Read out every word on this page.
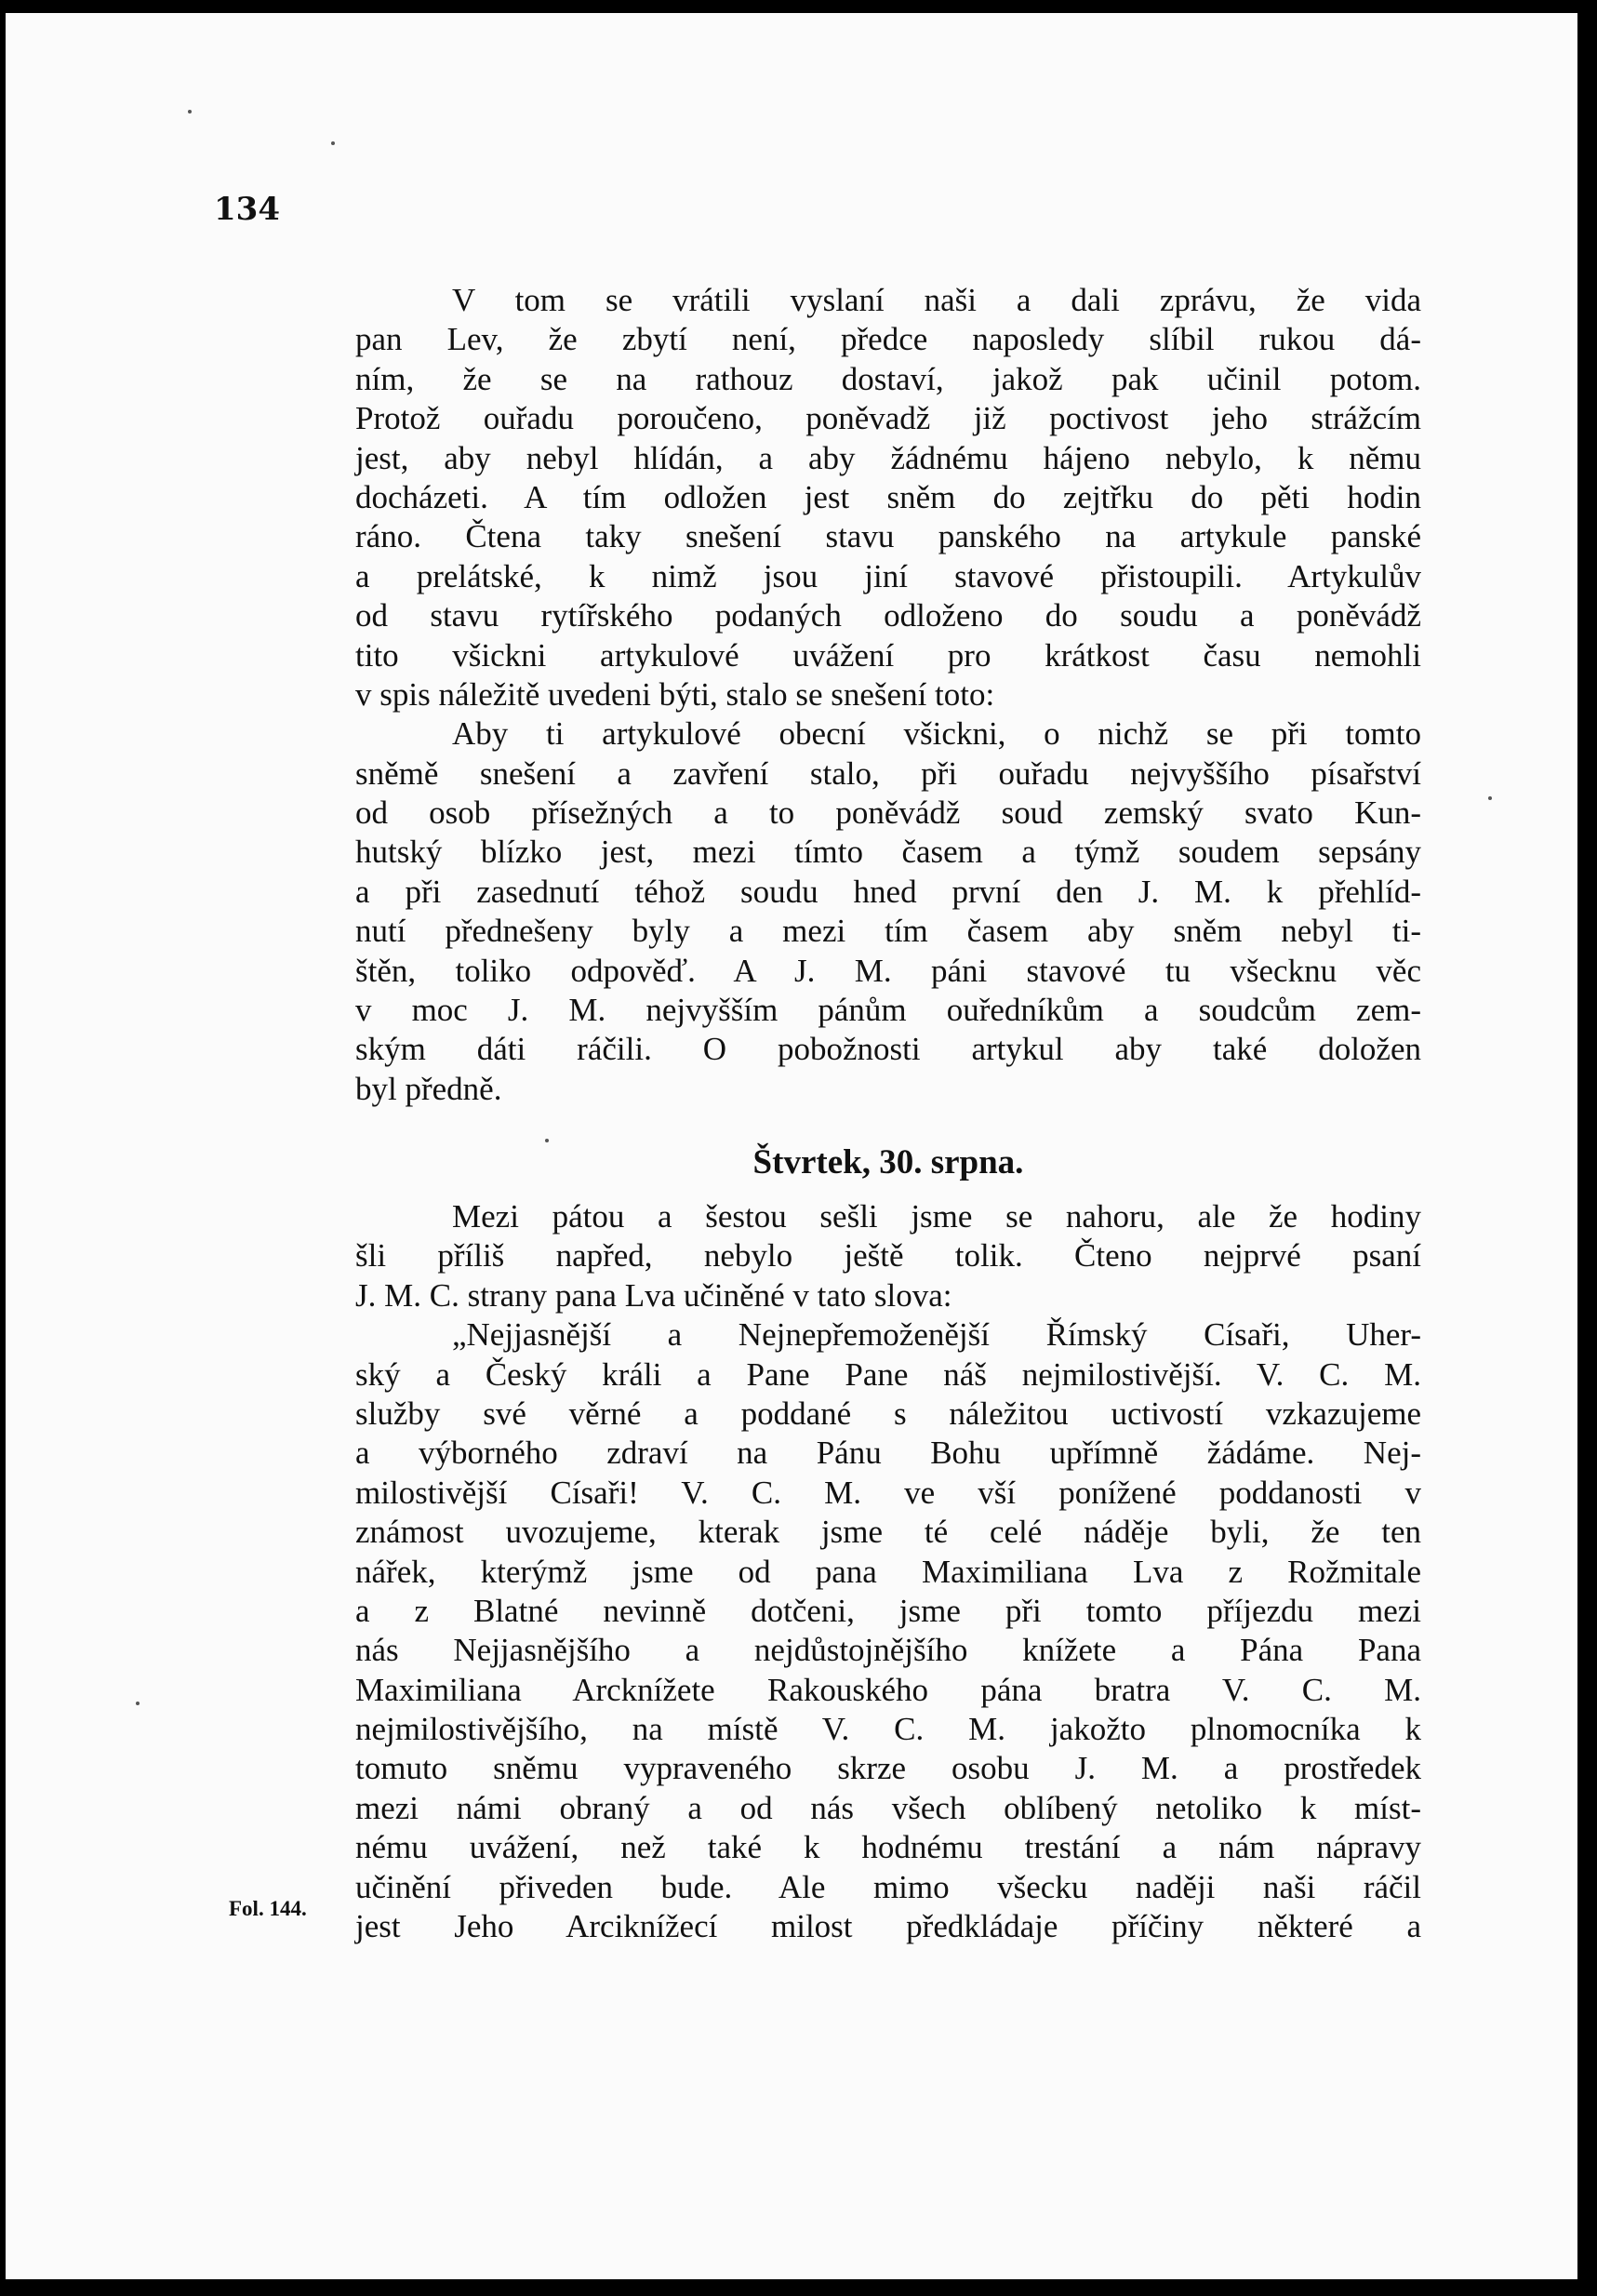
134

V tom se vrátili vyslaní naši a dali zprávu, že vida
pan Lev, že zbytí není, předce naposledy slíbil rukou dá-
ním, že se na rathouz dostaví, jakož pak učinil potom.
Protož ouřadu poroučeno, poněvadž již poctivost jeho strážcím
jest, aby nebyl hlídán, a aby žádnému hájeno nebylo, k němu
docházeti. A tím odložen jest sněm do zejtřku do pěti hodin
ráno. Čtena taky snešení stavu panského na artykule panské
a prelátské, k nimž jsou jiní stavové přistoupili. Artykulův
od stavu rytířského podaných odloženo do soudu a poněvádž
tito všickni artykulové uvážení pro krátkost času nemohli
v spis náležitě uvedeni býti, stalo se snešení toto:
Aby ti artykulové obecní všickni, o nichž se při tomto
sněmě snešení a zavření stalo, při ouřadu nejvyššího písařství
od osob přísežných a to poněvádž soud zemský svato Kun-
hutský blízko jest, mezi tímto časem a týmž soudem sepsány
a při zasednutí téhož soudu hned první den J. M. k přehlíd-
nutí přednešeny byly a mezi tím časem aby sněm nebyl ti-
štěn, toliko odpověď. A J. M. páni stavové tu všecknu věc
v moc J. M. nejvyšším pánům ouředníkům a soudcům zem-
ským dáti ráčili. O pobožnosti artykul aby také doložen
byl předně.
Štvrtek, 30. srpna.
Mezi pátou a šestou sešli jsme se nahoru, ale že hodiny
šli příliš napřed, nebylo ještě tolik. Čteno nejprvé psaní
J. M. C. strany pana Lva učiněné v tato slova:
„Nejjasnější a Nejnepřemoženější Římský Císaři, Uher-
ský a Český králi a Pane Pane náš nejmilostivější. V. C. M.
služby své věrné a poddané s náležitou uctivostí vzkazujeme
a výborného zdraví na Pánu Bohu upřímně žádáme. Nej-
milostivější Císaři! V. C. M. ve vší ponížené poddanosti v
známost uvozujeme, kterak jsme té celé náděje byli, že ten
nářek, kterýmž jsme od pana Maximiliana Lva z Rožmitale
a z Blatné nevinně dotčeni, jsme při tomto příjezdu mezi
nás Nejjasnějšího a nejdůstojnějšího knížete a Pána Pana
Maximiliana Arcknížete Rakouského pána bratra V. C. M.
nejmilostivějšího, na místě V. C. M. jakožto plnomocníka k
tomuto sněmu vypraveného skrze osobu J. M. a prostředek
mezi námi obraný a od nás všech oblíbený netoliko k míst-
nému uvážení, než také k hodnému trestání a nám nápravy
učinění přiveden bude. Ale mimo všecku naději naši ráčil
jest Jeho Arciknížecí milost předkládaje příčiny některé a
Fol. 144.
